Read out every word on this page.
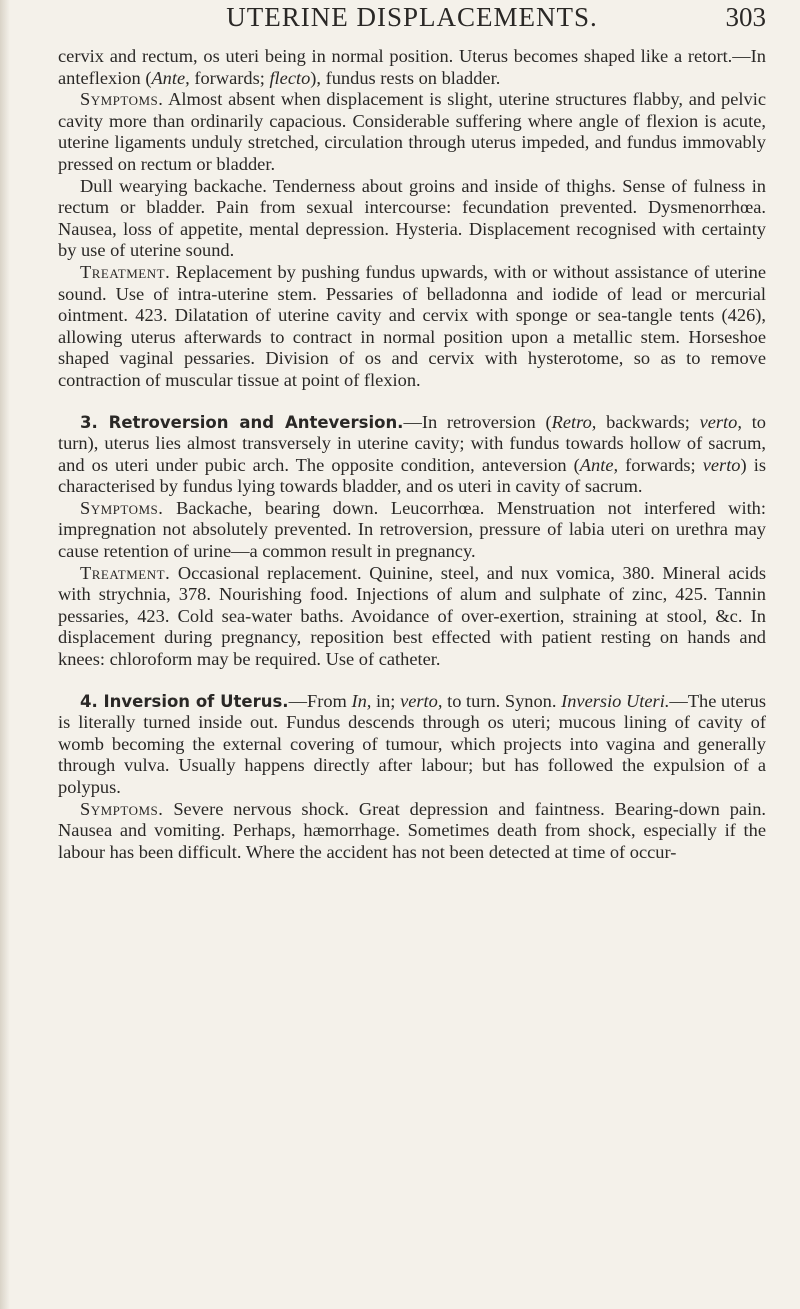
UTERINE DISPLACEMENTS.	303

cervix and rectum, os uteri being in normal position. Uterus becomes shaped like a retort.—In anteflexion (Ante, forwards; flecto), fundus rests on bladder.

Symptoms. Almost absent when displacement is slight, uterine structures flabby, and pelvic cavity more than ordinarily capacious. Considerable suffering where angle of flexion is acute, uterine ligaments unduly stretched, circulation through uterus impeded, and fundus immovably pressed on rectum or bladder.

Dull wearying backache. Tenderness about groins and inside of thighs. Sense of fulness in rectum or bladder. Pain from sexual intercourse: fecundation prevented. Dysmenorrhœa. Nausea, loss of appetite, mental depression. Hysteria. Displacement recognised with certainty by use of uterine sound.

Treatment. Replacement by pushing fundus upwards, with or without assistance of uterine sound. Use of intra-uterine stem. Pessaries of belladonna and iodide of lead or mercurial ointment. 423. Dilatation of uterine cavity and cervix with sponge or sea-tangle tents (426), allowing uterus afterwards to contract in normal position upon a metallic stem. Horseshoe shaped vaginal pessaries. Division of os and cervix with hysterotome, so as to remove contraction of muscular tissue at point of flexion.

3. Retroversion and Anteversion.—In retroversion (Retro, backwards; verto, to turn), uterus lies almost transversely in uterine cavity; with fundus towards hollow of sacrum, and os uteri under pubic arch. The opposite condition, anteversion (Ante, forwards; verto) is characterised by fundus lying towards bladder, and os uteri in cavity of sacrum.

Symptoms. Backache, bearing down. Leucorrhœa. Menstruation not interfered with: impregnation not absolutely prevented. In retroversion, pressure of labia uteri on urethra may cause retention of urine—a common result in pregnancy.

Treatment. Occasional replacement. Quinine, steel, and nux vomica, 380. Mineral acids with strychnia, 378. Nourishing food. Injections of alum and sulphate of zinc, 425. Tannin pessaries, 423. Cold sea-water baths. Avoidance of over-exertion, straining at stool, &c. In displacement during pregnancy, reposition best effected with patient resting on hands and knees: chloroform may be required. Use of catheter.

4. Inversion of Uterus.—From In, in; verto, to turn. Synon. Inversio Uteri.—The uterus is literally turned inside out. Fundus descends through os uteri; mucous lining of cavity of womb becoming the external covering of tumour, which projects into vagina and generally through vulva. Usually happens directly after labour; but has followed the expulsion of a polypus.

Symptoms. Severe nervous shock. Great depression and faintness. Bearing-down pain. Nausea and vomiting. Perhaps, hæmorrhage. Sometimes death from shock, especially if the labour has been difficult. Where the accident has not been detected at time of occur-
